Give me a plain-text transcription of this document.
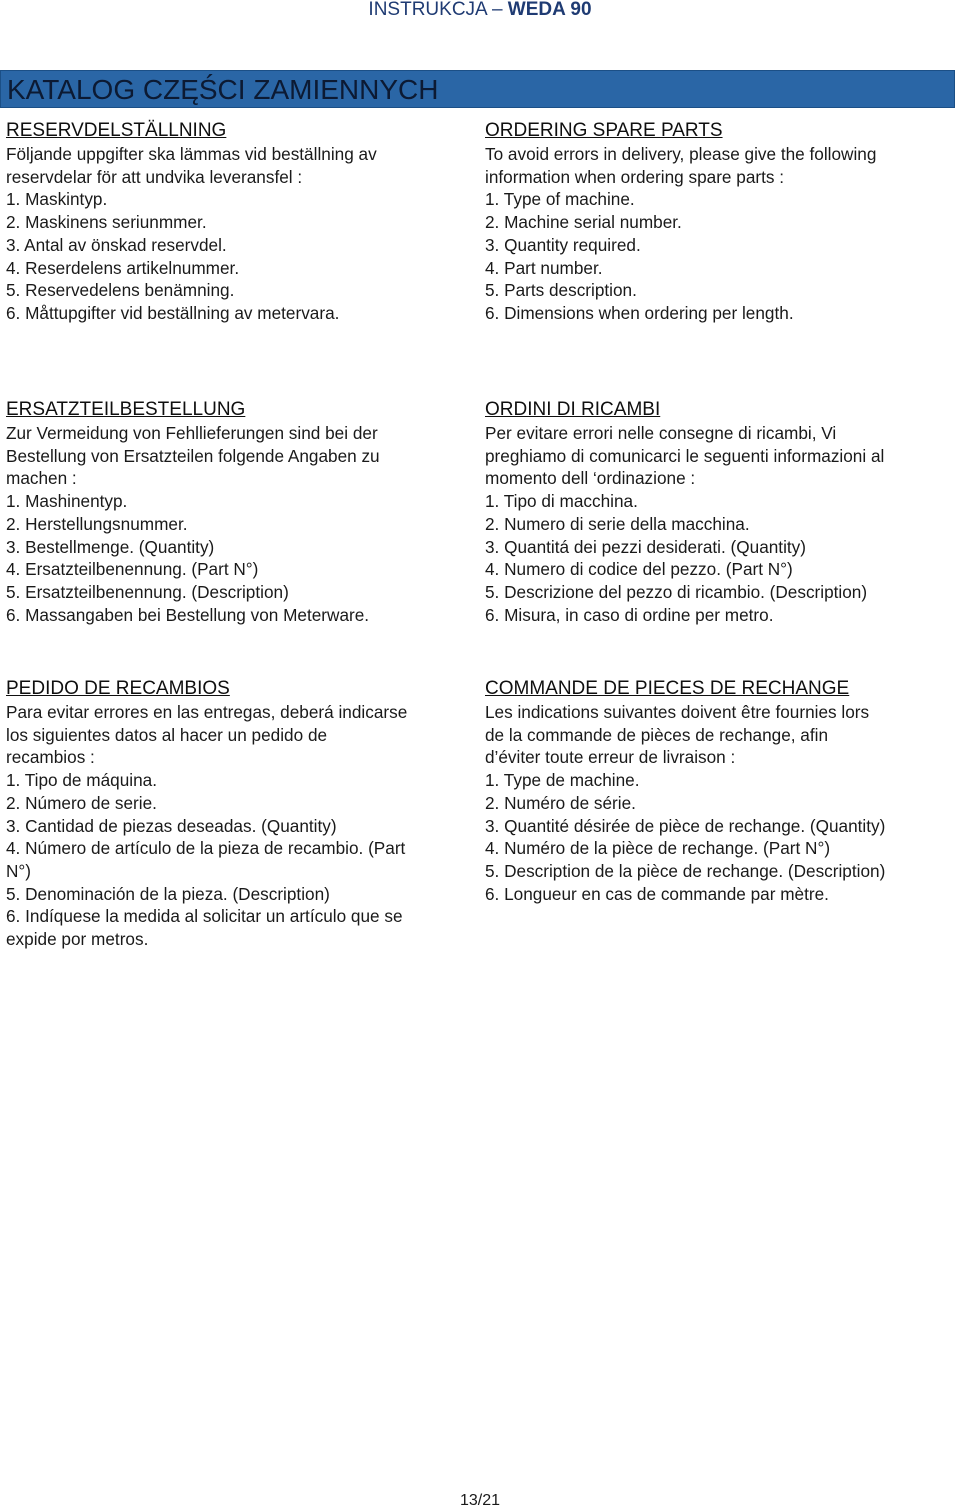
INSTRUKCJA – WEDA 90
KATALOG CZĘŚCI ZAMIENNYCH
RESERVDELSTÄLLNING
Följande uppgifter ska lämmas vid beställning av
reservdelar för att undvika leveransfel :
1. Maskintyp.
2. Maskinens seriunmmer.
3. Antal av önskad reservdel.
4. Reserdelens artikelnummer.
5. Reservedelens benämning.
6. Måttupgifter vid beställning av metervara.
ORDERING SPARE PARTS
To avoid errors in delivery, please give the following
information when ordering spare parts :
1. Type of machine.
2. Machine serial number.
3. Quantity required.
4. Part number.
5. Parts description.
6. Dimensions when ordering per length.
ERSATZTEILBESTELLUNG
Zur Vermeidung von Fehllieferungen sind bei der
Bestellung von Ersatzteilen folgende Angaben zu
machen :
1. Mashinentyp.
2. Herstellungsnummer.
3. Bestellmenge. (Quantity)
4. Ersatzteilbenennung. (Part N°)
5. Ersatzteilbenennung. (Description)
6. Massangaben bei Bestellung von Meterware.
ORDINI DI RICAMBI
Per evitare errori nelle consegne di ricambi, Vi
preghiamo di comunicarci le seguenti informazioni al
momento dell ‘ordinazione :
1. Tipo di macchina.
2. Numero di serie della macchina.
3. Quantitá dei pezzi desiderati. (Quantity)
4. Numero di codice del pezzo. (Part N°)
5. Descrizione del pezzo di ricambio. (Description)
6. Misura, in caso di ordine per metro.
PEDIDO DE RECAMBIOS
Para evitar errores en las entregas, deberá indicarse
los siguientes datos al hacer un pedido de
recambios :
1. Tipo de máquina.
2. Número de serie.
3. Cantidad de piezas deseadas. (Quantity)
4. Número de artículo de la pieza de recambio. (Part
N°)
5. Denominación de la pieza. (Description)
6. Indíquese la medida al solicitar un artículo que se
expide por metros.
COMMANDE DE PIECES DE RECHANGE
Les indications suivantes doivent être fournies lors
de la commande de pièces de rechange, afin
d’éviter toute erreur de livraison :
1. Type de machine.
2. Numéro de série.
3. Quantité désirée de pièce de rechange. (Quantity)
4. Numéro de la pièce de rechange. (Part N°)
5. Description de la pièce de rechange. (Description)
6. Longueur en cas de commande par mètre.
13/21
